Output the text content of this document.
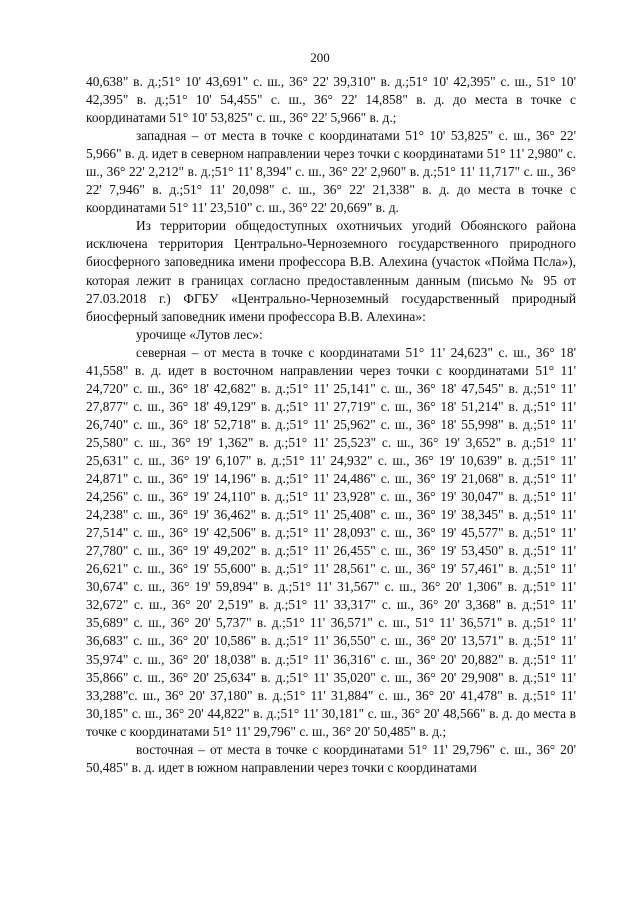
200

40,638" в. д.;51° 10' 43,691" с. ш., 36° 22' 39,310" в. д.;51° 10' 42,395" с. ш., 51° 10' 42,395" в. д.;51° 10' 54,455" с. ш., 36° 22' 14,858" в. д. до места в точке с координатами 51° 10' 53,825" с. ш., 36° 22' 5,966" в. д.;

западная – от места в точке с координатами 51° 10' 53,825" с. ш., 36° 22' 5,966" в. д. идет в северном направлении через точки с координатами 51° 11' 2,980" с. ш., 36° 22' 2,212" в. д.;51° 11' 8,394" с. ш., 36° 22' 2,960" в. д.;51° 11' 11,717" с. ш., 36° 22' 7,946" в. д.;51° 11' 20,098" с. ш., 36° 22' 21,338" в. д. до места в точке с координатами 51° 11' 23,510" с. ш., 36° 22' 20,669" в. д.

Из территории общедоступных охотничьих угодий Обоянского района исключена территория Центрально-Черноземного государственного природного биосферного заповедника имени профессора В.В. Алехина (участок «Пойма Псла»), которая лежит в границах согласно предоставленным данным (письмо № 95 от 27.03.2018 г.) ФГБУ «Центрально-Черноземный государственный природный биосферный заповедник имени профессора В.В. Алехина»:

урочище «Лутов лес»:

северная – от места в точке с координатами 51° 11' 24,623" с. ш., 36° 18' 41,558" в. д. идет в восточном направлении через точки с координатами 51° 11' 24,720" с. ш., 36° 18' 42,682" в. д.;51° 11' 25,141" с. ш., 36° 18' 47,545" в. д.;51° 11' 27,877" с. ш., 36° 18' 49,129" в. д.;51° 11' 27,719" с. ш., 36° 18' 51,214" в. д.;51° 11' 26,740" с. ш., 36° 18' 52,718" в. д.;51° 11' 25,962" с. ш., 36° 18' 55,998" в. д.;51° 11' 25,580" с. ш., 36° 19' 1,362" в. д.;51° 11' 25,523" с. ш., 36° 19' 3,652" в. д.;51° 11' 25,631" с. ш., 36° 19' 6,107" в. д.;51° 11' 24,932" с. ш., 36° 19' 10,639" в. д.;51° 11' 24,871" с. ш., 36° 19' 14,196" в. д.;51° 11' 24,486" с. ш., 36° 19' 21,068" в. д.;51° 11' 24,256" с. ш., 36° 19' 24,110" в. д.;51° 11' 23,928" с. ш., 36° 19' 30,047" в. д.;51° 11' 24,238" с. ш., 36° 19' 36,462" в. д.;51° 11' 25,408" с. ш., 36° 19' 38,345" в. д.;51° 11' 27,514" с. ш., 36° 19' 42,506" в. д.;51° 11' 28,093" с. ш., 36° 19' 45,577" в. д.;51° 11' 27,780" с. ш., 36° 19' 49,202" в. д.;51° 11' 26,455" с. ш., 36° 19' 53,450" в. д.;51° 11' 26,621" с. ш., 36° 19' 55,600" в. д.;51° 11' 28,561" с. ш., 36° 19' 57,461" в. д.;51° 11' 30,674" с. ш., 36° 19' 59,894" в. д.;51° 11' 31,567" с. ш., 36° 20' 1,306" в. д.;51° 11' 32,672" с. ш., 36° 20' 2,519" в. д.;51° 11' 33,317" с. ш., 36° 20' 3,368" в. д.;51° 11' 35,689" с. ш., 36° 20' 5,737" в. д.;51° 11' 36,571" с. ш., 51° 11' 36,571" в. д.;51° 11' 36,683" с. ш., 36° 20' 10,586" в. д.;51° 11' 36,550" с. ш., 36° 20' 13,571" в. д.;51° 11' 35,974" с. ш., 36° 20' 18,038" в. д.;51° 11' 36,316" с. ш., 36° 20' 20,882" в. д.;51° 11' 35,866" с. ш., 36° 20' 25,634" в. д.;51° 11' 35,020" с. ш., 36° 20' 29,908" в. д.;51° 11' 33,288"с. ш., 36° 20' 37,180" в. д.;51° 11' 31,884" с. ш., 36° 20' 41,478" в. д.;51° 11' 30,185" с. ш., 36° 20' 44,822" в. д.;51° 11' 30,181" с. ш., 36° 20' 48,566" в. д. до места в точке с координатами 51° 11' 29,796" с. ш., 36° 20' 50,485" в. д.;

восточная – от места в точке с координатами 51° 11' 29,796" с. ш., 36° 20' 50,485" в. д. идет в южном направлении через точки с координатами
